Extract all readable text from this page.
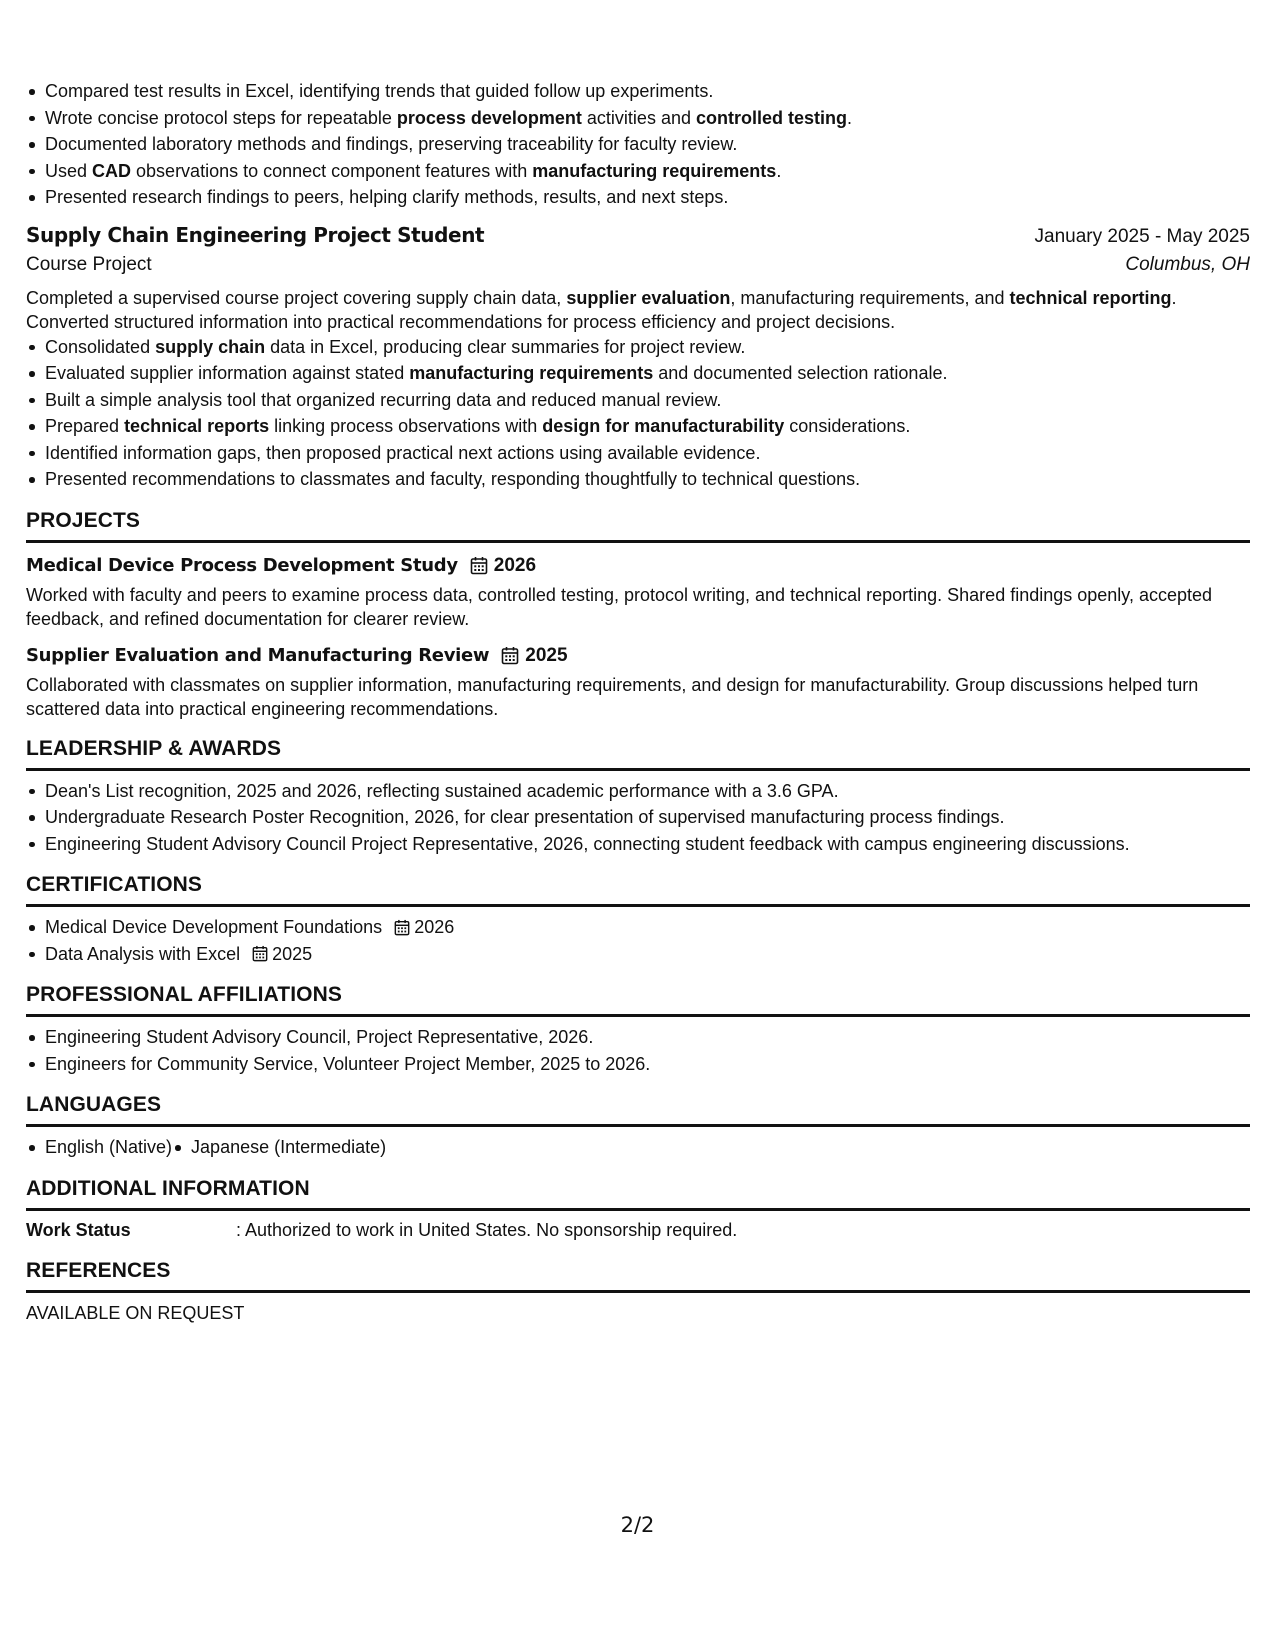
Compared test results in Excel, identifying trends that guided follow up experiments.
Wrote concise protocol steps for repeatable process development activities and controlled testing.
Documented laboratory methods and findings, preserving traceability for faculty review.
Used CAD observations to connect component features with manufacturing requirements.
Presented research findings to peers, helping clarify methods, results, and next steps.
Supply Chain Engineering Project Student	January 2025 - May 2025
Course Project	Columbus, OH
Completed a supervised course project covering supply chain data, supplier evaluation, manufacturing requirements, and technical reporting. Converted structured information into practical recommendations for process efficiency and project decisions.
Consolidated supply chain data in Excel, producing clear summaries for project review.
Evaluated supplier information against stated manufacturing requirements and documented selection rationale.
Built a simple analysis tool that organized recurring data and reduced manual review.
Prepared technical reports linking process observations with design for manufacturability considerations.
Identified information gaps, then proposed practical next actions using available evidence.
Presented recommendations to classmates and faculty, responding thoughtfully to technical questions.
PROJECTS
Medical Device Process Development Study 2026
Worked with faculty and peers to examine process data, controlled testing, protocol writing, and technical reporting. Shared findings openly, accepted feedback, and refined documentation for clearer review.
Supplier Evaluation and Manufacturing Review 2025
Collaborated with classmates on supplier information, manufacturing requirements, and design for manufacturability. Group discussions helped turn scattered data into practical engineering recommendations.
LEADERSHIP & AWARDS
Dean's List recognition, 2025 and 2026, reflecting sustained academic performance with a 3.6 GPA.
Undergraduate Research Poster Recognition, 2026, for clear presentation of supervised manufacturing process findings.
Engineering Student Advisory Council Project Representative, 2026, connecting student feedback with campus engineering discussions.
CERTIFICATIONS
Medical Device Development Foundations 2026
Data Analysis with Excel 2025
PROFESSIONAL AFFILIATIONS
Engineering Student Advisory Council, Project Representative, 2026.
Engineers for Community Service, Volunteer Project Member, 2025 to 2026.
LANGUAGES
English (Native)	Japanese (Intermediate)
ADDITIONAL INFORMATION
Work Status	: Authorized to work in United States. No sponsorship required.
REFERENCES
AVAILABLE ON REQUEST
2/2
